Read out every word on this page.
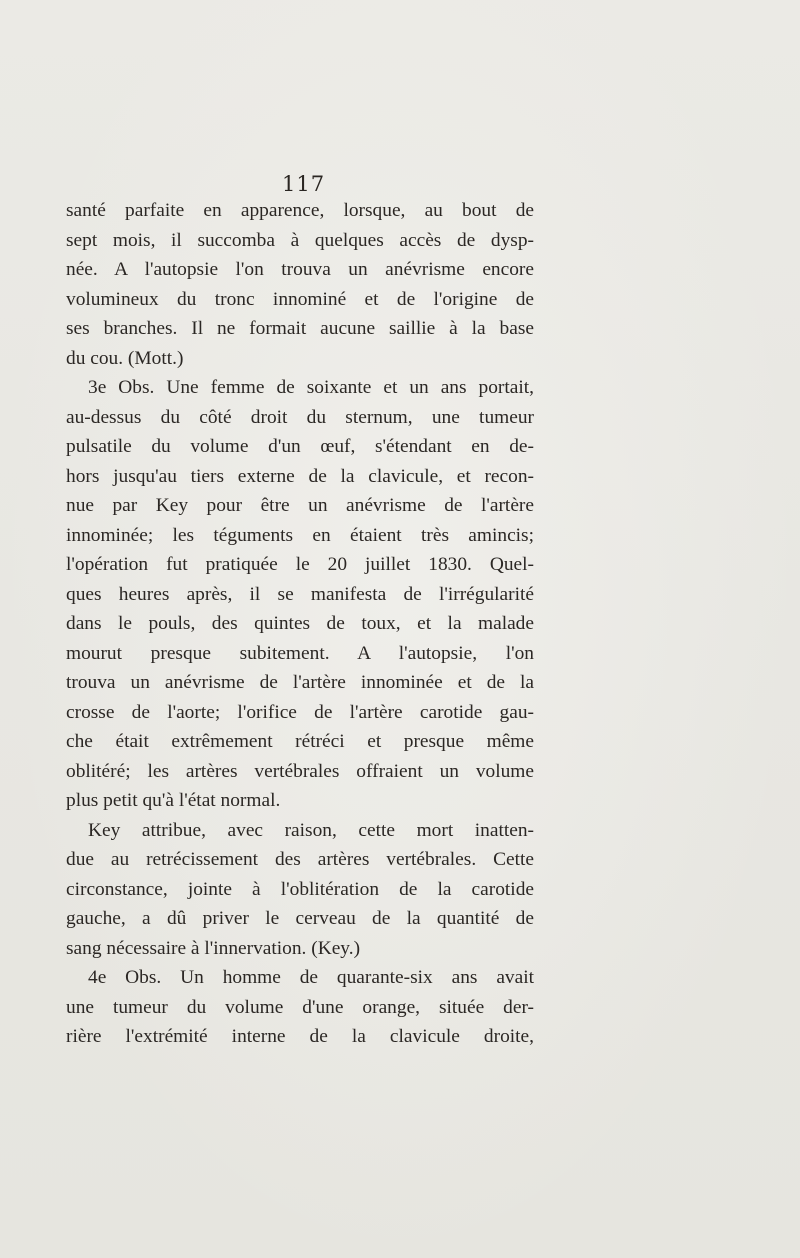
117
santé parfaite en apparence, lorsque, au bout de
sept mois, il succomba à quelques accès de dysp-
née. A l'autopsie l'on trouva un anévrisme encore
volumineux du tronc innominé et de l'origine de
ses branches. Il ne formait aucune saillie à la base
du cou. (Mott.)
3e Obs. Une femme de soixante et un ans portait,
au-dessus du côté droit du sternum, une tumeur
pulsatile du volume d'un œuf, s'étendant en de-
hors jusqu'au tiers externe de la clavicule, et recon-
nue par Key pour être un anévrisme de l'artère
innominée; les téguments en étaient très amincis;
l'opération fut pratiquée le 20 juillet 1830. Quel-
ques heures après, il se manifesta de l'irrégularité
dans le pouls, des quintes de toux, et la malade
mourut presque subitement. A l'autopsie, l'on
trouva un anévrisme de l'artère innominée et de la
crosse de l'aorte; l'orifice de l'artère carotide gau-
che était extrêmement rétréci et presque même
oblitéré; les artères vertébrales offraient un volume
plus petit qu'à l'état normal.
Key attribue, avec raison, cette mort inatten-
due au retrécissement des artères vertébrales. Cette
circonstance, jointe à l'oblitération de la carotide
gauche, a dû priver le cerveau de la quantité de
sang nécessaire à l'innervation. (Key.)
4e Obs. Un homme de quarante-six ans avait
une tumeur du volume d'une orange, située der-
rière l'extrémité interne de la clavicule droite,
